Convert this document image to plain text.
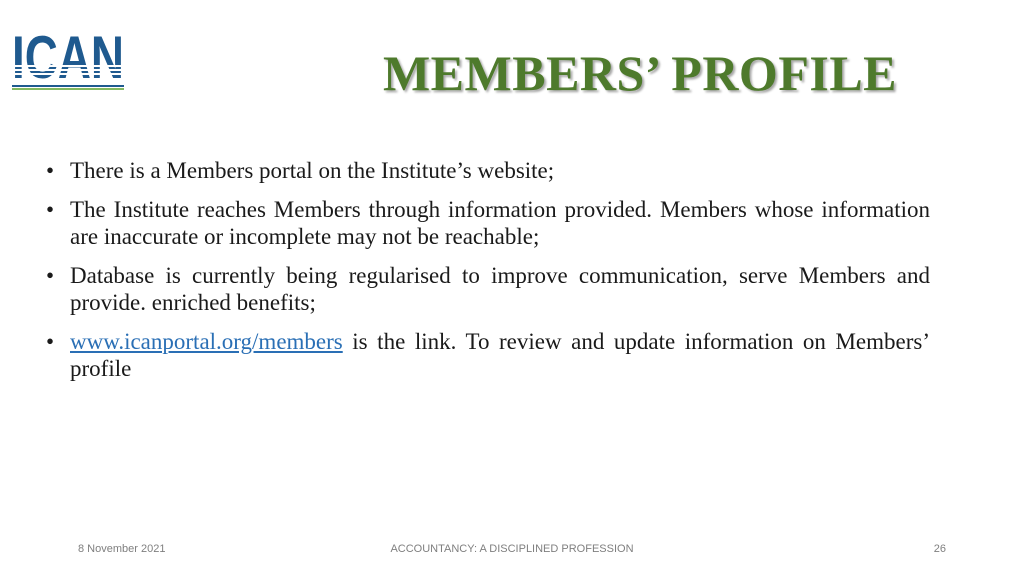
ICAN	MEMBERS’ PROFILE
• There is a Members portal on the Institute’s website;
• The Institute reaches Members through information provided. Members whose information are inaccurate or incomplete may not be reachable;
• Database is currently being regularised to improve communication, serve Members and provide. enriched benefits;
• www.icanportal.org/members is the link. To review and update information on Members’ profile
8 November 2021	ACCOUNTANCY: A DISCIPLINED PROFESSION	26
